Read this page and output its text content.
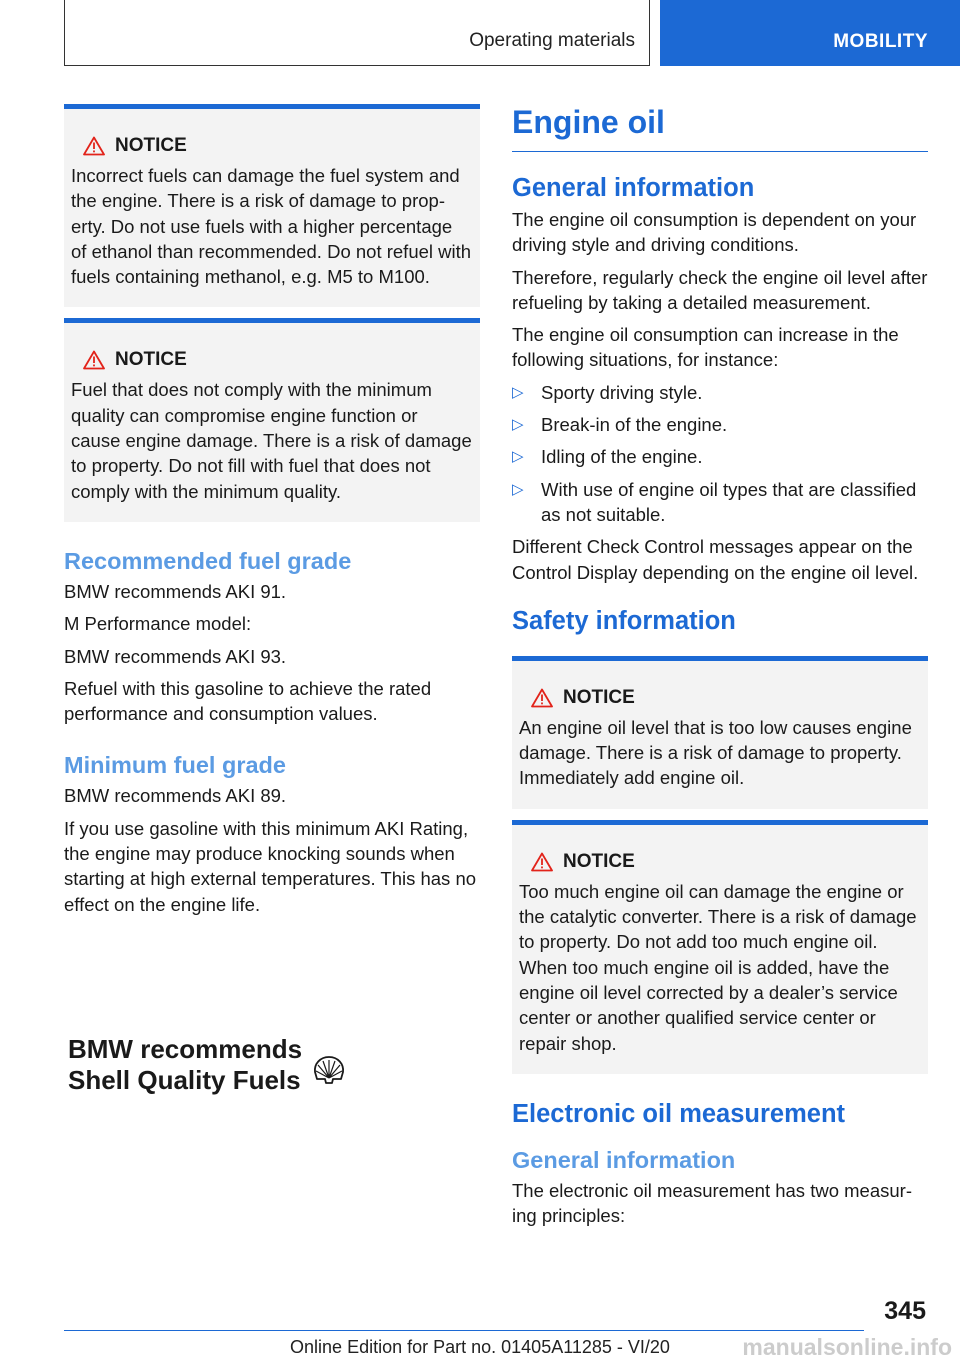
Operating materials	MOBILITY
NOTICE
Incorrect fuels can damage the fuel system and the engine. There is a risk of damage to property. Do not use fuels with a higher percentage of ethanol than recommended. Do not refuel with fuels containing methanol, e.g. M5 to M100.
NOTICE
Fuel that does not comply with the minimum quality can compromise engine function or cause engine damage. There is a risk of damage to property. Do not fill with fuel that does not comply with the minimum quality.
Recommended fuel grade

BMW recommends AKI 91.

M Performance model:

BMW recommends AKI 93.

Refuel with this gasoline to achieve the rated performance and consumption values.

Minimum fuel grade

BMW recommends AKI 89.

If you use gasoline with this minimum AKI Rating, the engine may produce knocking sounds when starting at high external temperatures. This has no effect on the engine life.

BMW recommends
Shell Quality Fuels
Engine oil
General information

The engine oil consumption is dependent on your driving style and driving conditions.

Therefore, regularly check the engine oil level after refueling by taking a detailed measurement.

The engine oil consumption can increase in the following situations, for instance:

▷ Sporty driving style.
▷ Break-in of the engine.
▷ Idling of the engine.
▷ With use of engine oil types that are classified as not suitable.

Different Check Control messages appear on the Control Display depending on the engine oil level.

Safety information
NOTICE
An engine oil level that is too low causes engine damage. There is a risk of damage to property. Immediately add engine oil.
NOTICE
Too much engine oil can damage the engine or the catalytic converter. There is a risk of damage to property. Do not add too much engine oil. When too much engine oil is added, have the engine oil level corrected by a dealer’s service center or another qualified service center or repair shop.
Electronic oil measurement
General information

The electronic oil measurement has two measuring principles:

345
Online Edition for Part no. 01405A11285 - VI/20	manualsonline.info
